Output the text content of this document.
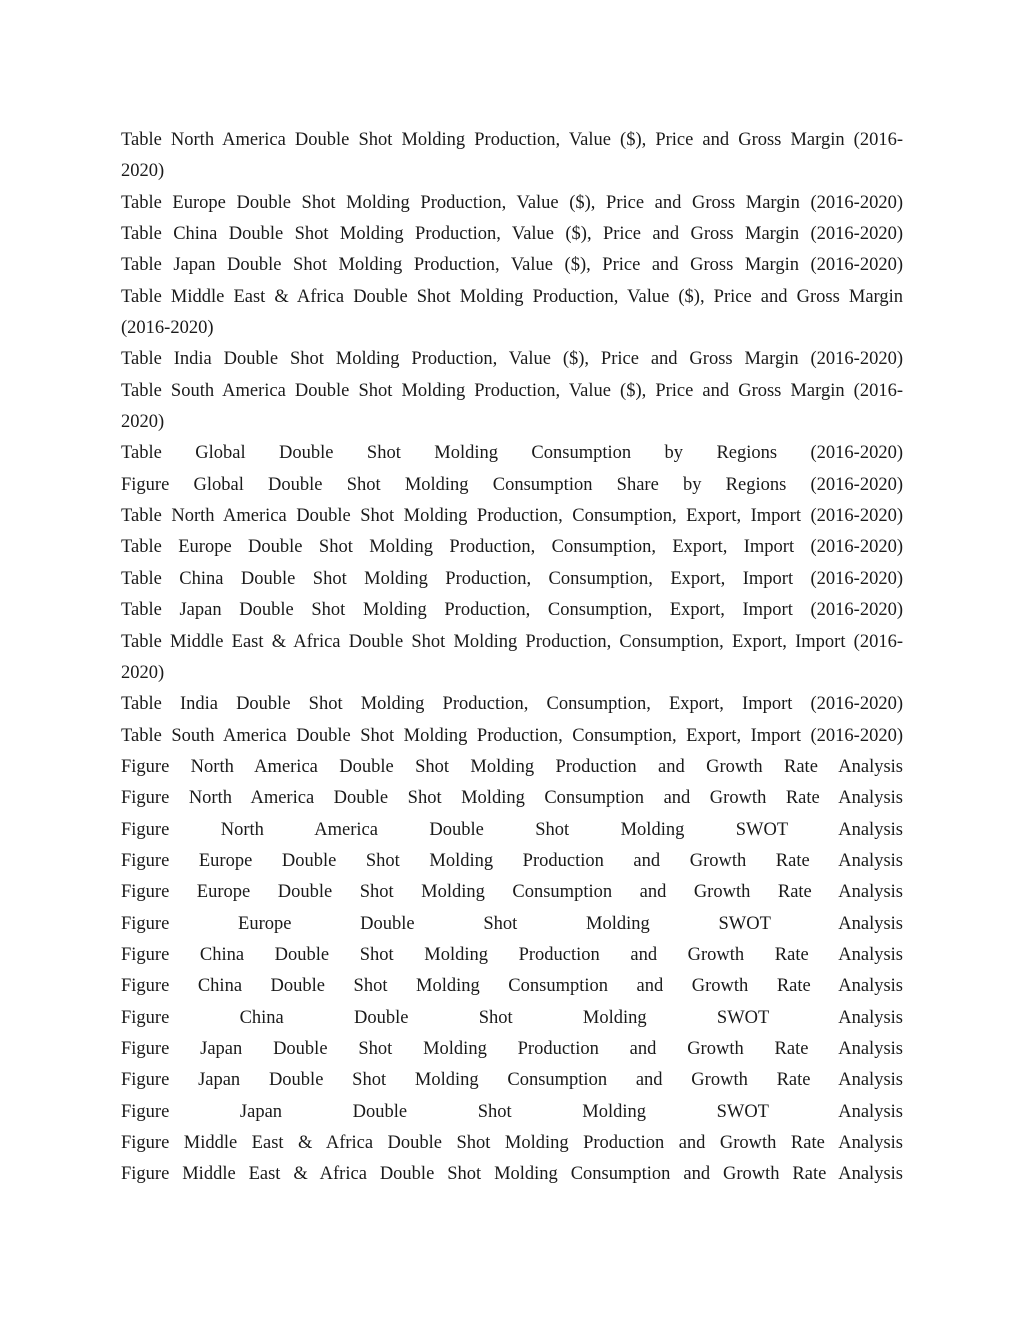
Table North America Double Shot Molding Production, Value ($), Price and Gross Margin (2016-
2020)
Table Europe Double Shot Molding Production, Value ($), Price and Gross Margin (2016-2020)
Table China Double Shot Molding Production, Value ($), Price and Gross Margin (2016-2020)
Table Japan Double Shot Molding Production, Value ($), Price and Gross Margin (2016-2020)
Table Middle East & Africa Double Shot Molding Production, Value ($), Price and Gross Margin
(2016-2020)
Table India Double Shot Molding Production, Value ($), Price and Gross Margin (2016-2020)
Table South America Double Shot Molding Production, Value ($), Price and Gross Margin (2016-
2020)
Table Global Double Shot Molding Consumption by Regions (2016-2020)
Figure Global Double Shot Molding Consumption Share by Regions (2016-2020)
Table North America Double Shot Molding Production, Consumption, Export, Import (2016-2020)
Table Europe Double Shot Molding Production, Consumption, Export, Import (2016-2020)
Table China Double Shot Molding Production, Consumption, Export, Import (2016-2020)
Table Japan Double Shot Molding Production, Consumption, Export, Import (2016-2020)
Table Middle East & Africa Double Shot Molding Production, Consumption, Export, Import (2016-
2020)
Table India Double Shot Molding Production, Consumption, Export, Import (2016-2020)
Table South America Double Shot Molding Production, Consumption, Export, Import (2016-2020)
Figure North America Double Shot Molding Production and Growth Rate Analysis
Figure North America Double Shot Molding Consumption and Growth Rate Analysis
Figure North America Double Shot Molding SWOT Analysis
Figure Europe Double Shot Molding Production and Growth Rate Analysis
Figure Europe Double Shot Molding Consumption and Growth Rate Analysis
Figure Europe Double Shot Molding SWOT Analysis
Figure China Double Shot Molding Production and Growth Rate Analysis
Figure China Double Shot Molding Consumption and Growth Rate Analysis
Figure China Double Shot Molding SWOT Analysis
Figure Japan Double Shot Molding Production and Growth Rate Analysis
Figure Japan Double Shot Molding Consumption and Growth Rate Analysis
Figure Japan Double Shot Molding SWOT Analysis
Figure Middle East & Africa Double Shot Molding Production and Growth Rate Analysis
Figure Middle East & Africa Double Shot Molding Consumption and Growth Rate Analysis
